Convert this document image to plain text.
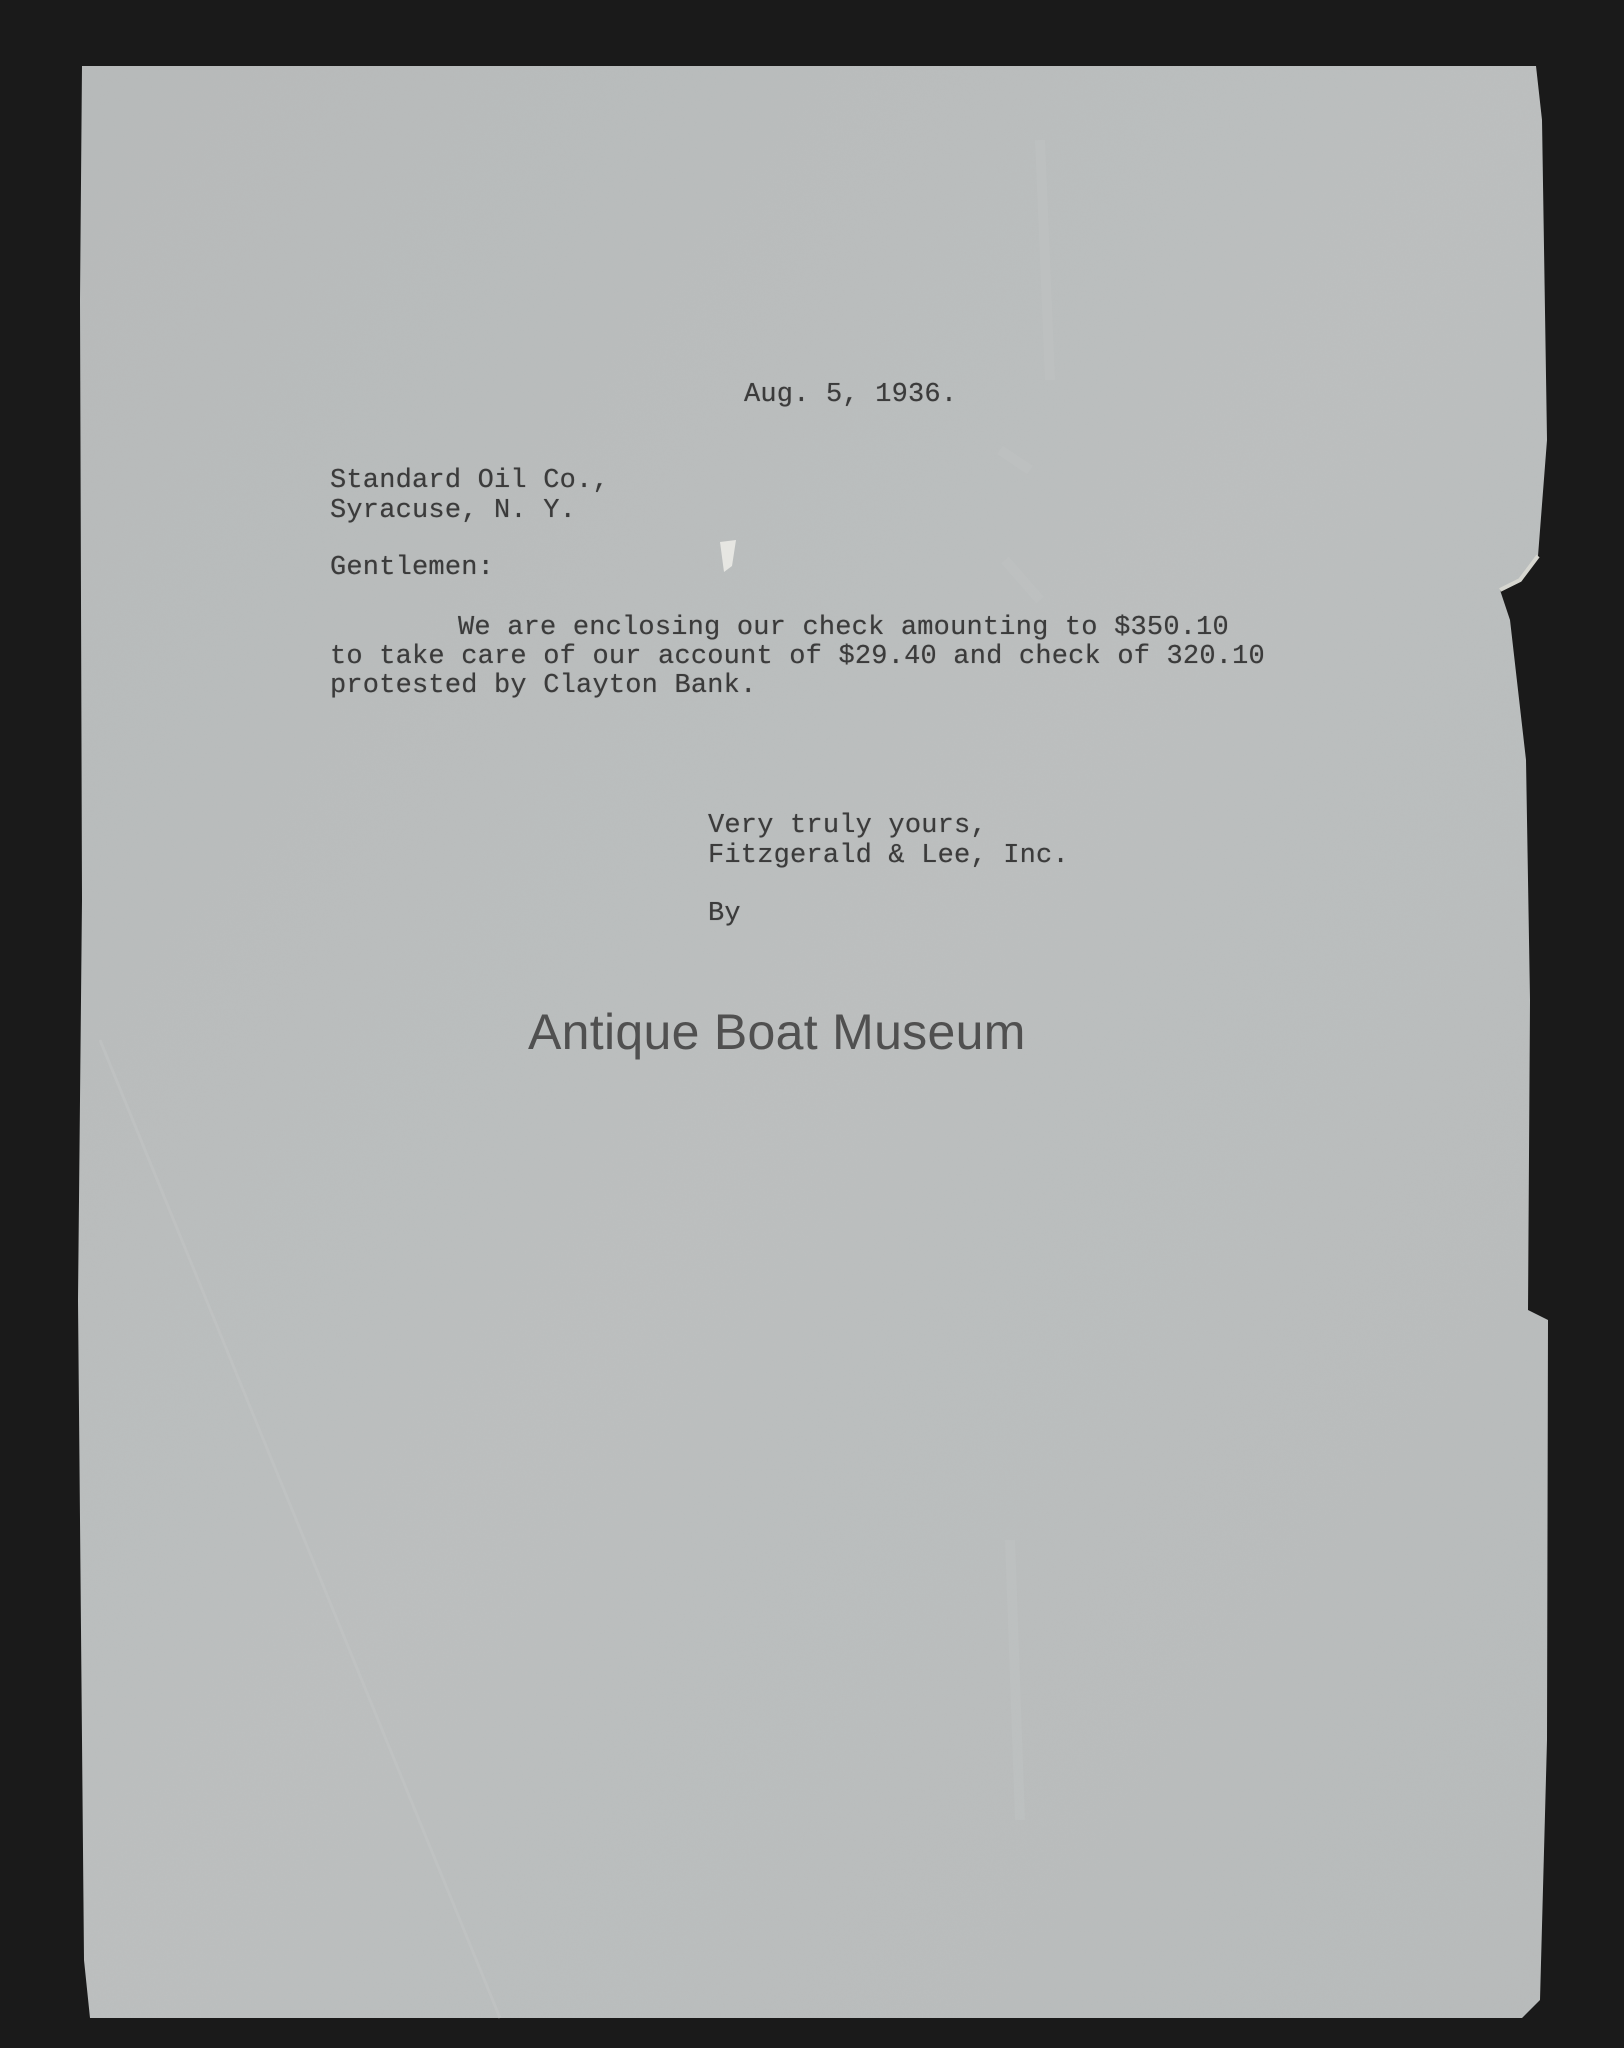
Aug. 5, 1936.
Standard Oil Co.,
Syracuse, N. Y.
Gentlemen:
We are enclosing our check amounting to $350.10
to take care of our account of $29.40 and check of 320.10
protested by Clayton Bank.
Very truly yours,
Fitzgerald & Lee, Inc.
By
Antique Boat Museum
